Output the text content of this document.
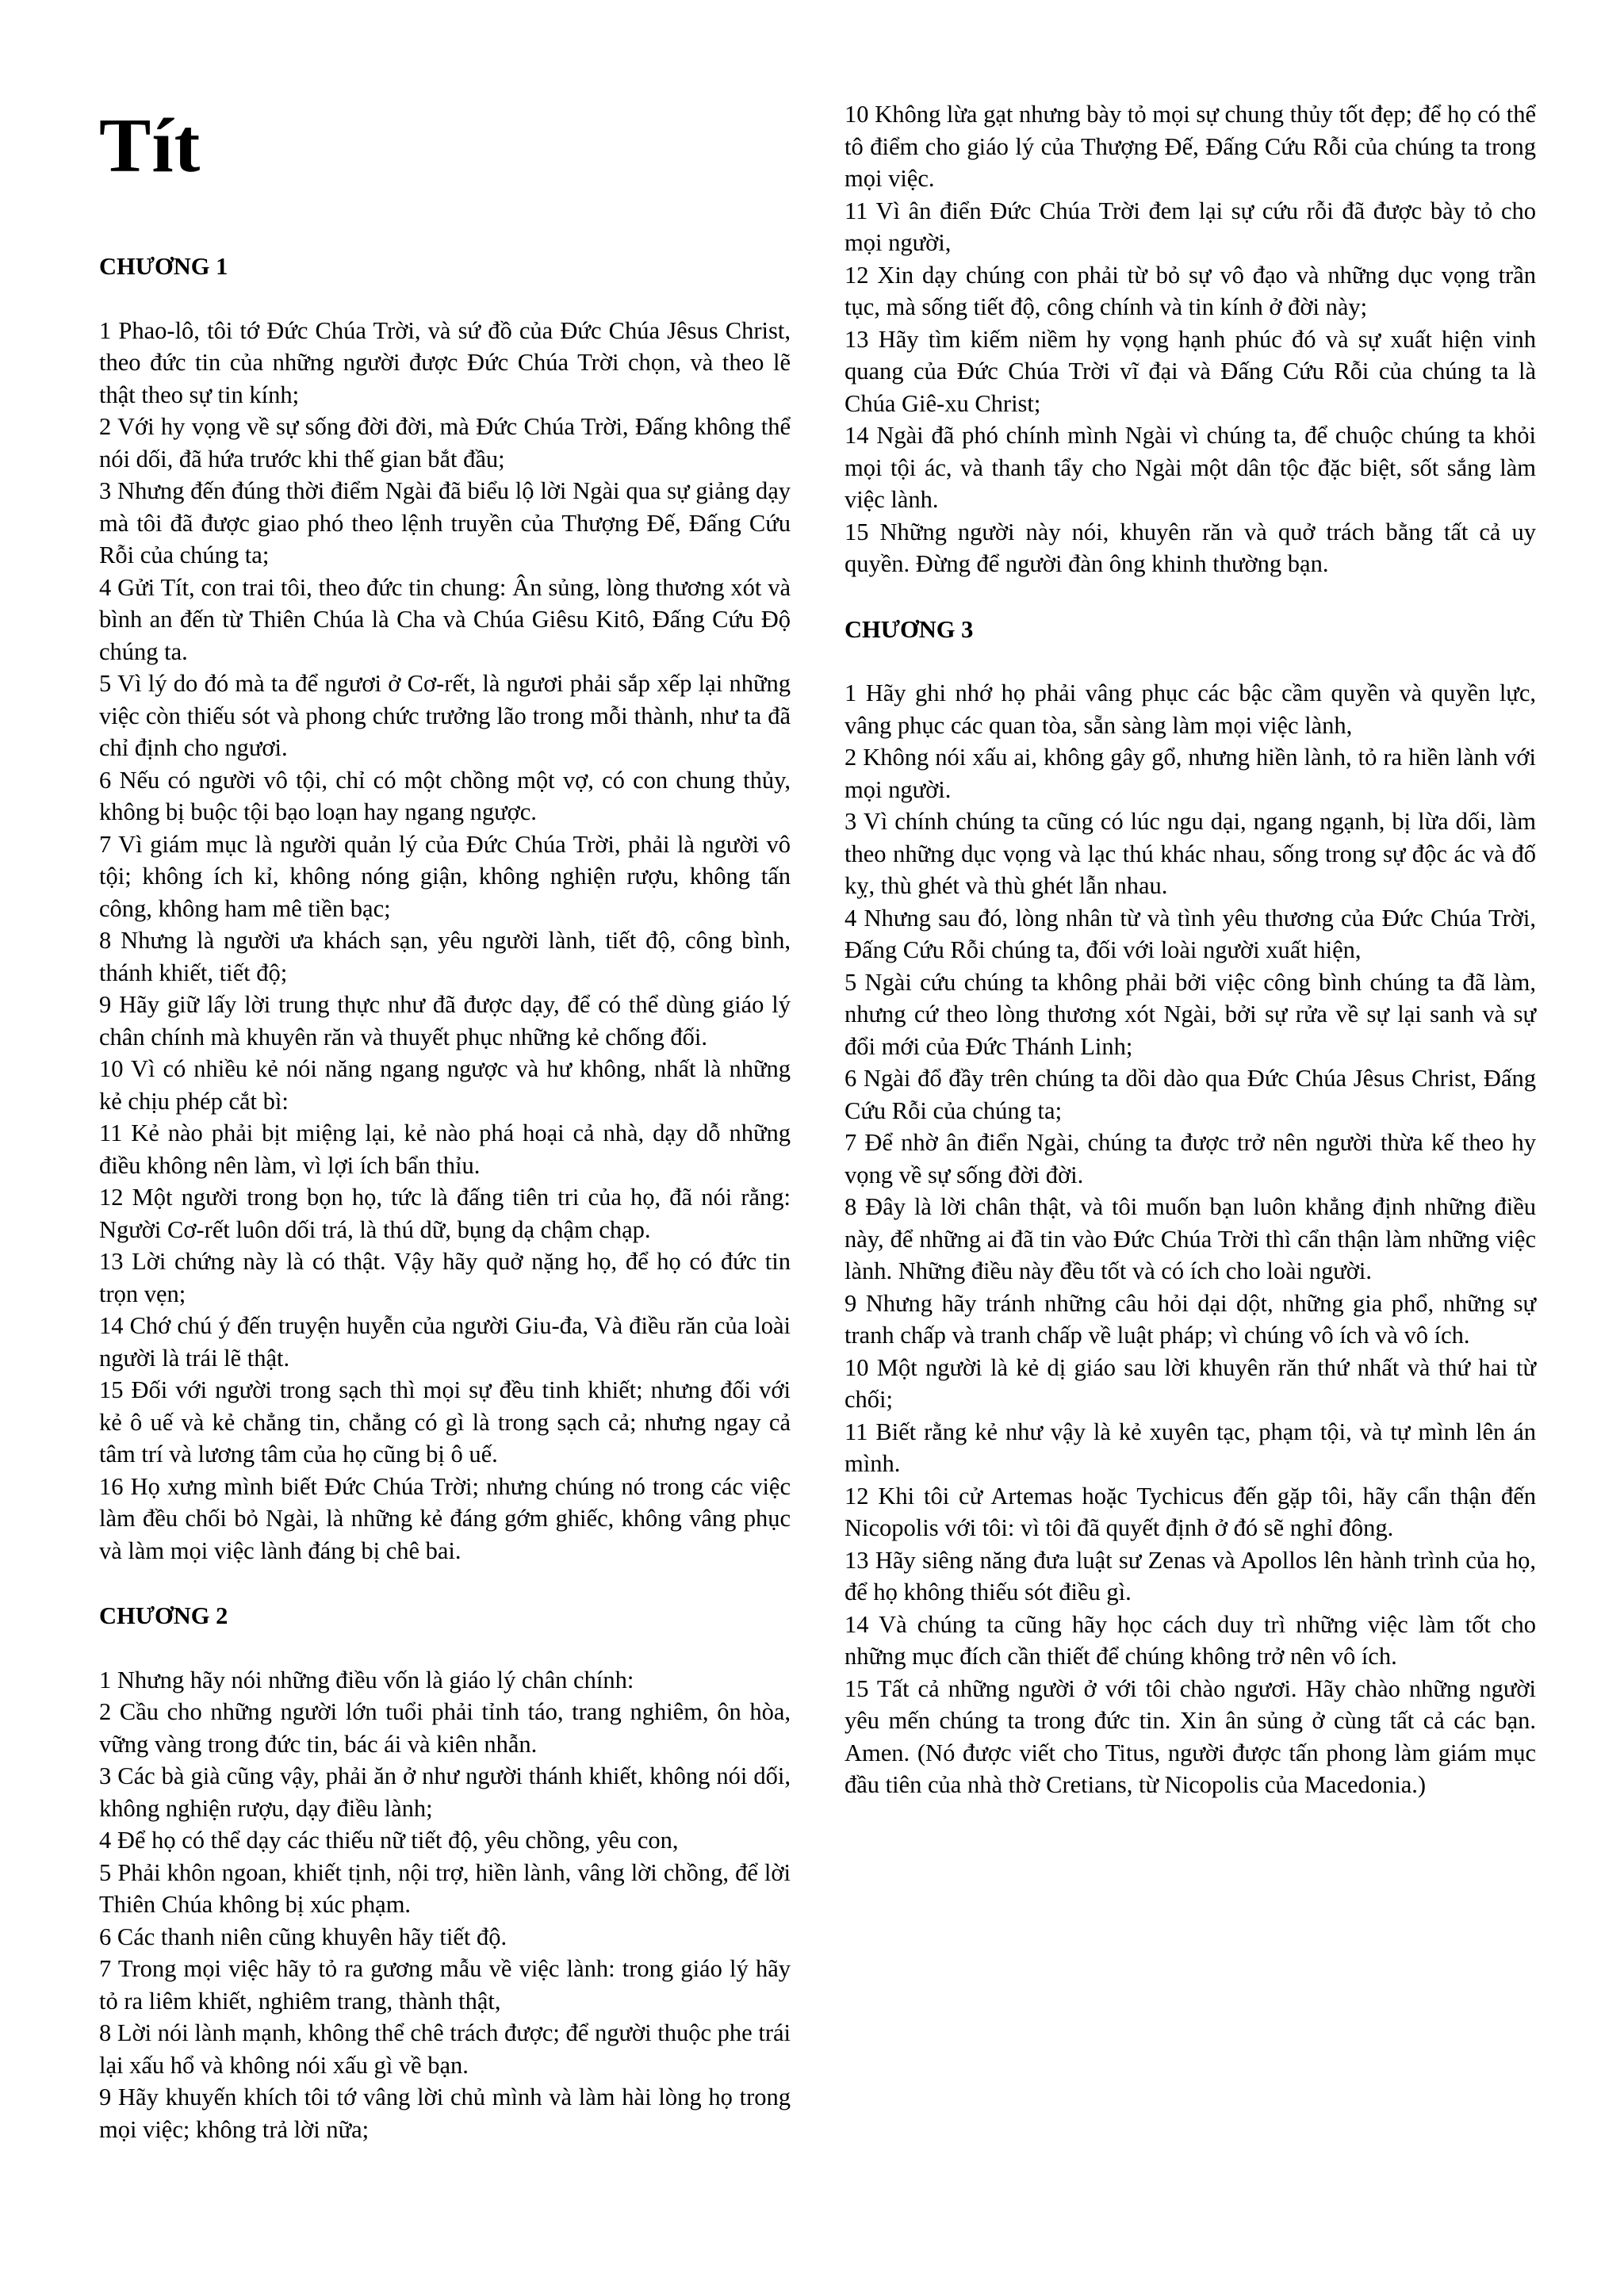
Tít
CHƯƠNG 1

1 Phao-lô, tôi tớ Đức Chúa Trời, và sứ đồ của Đức Chúa Jêsus Christ, theo đức tin của những người được Đức Chúa Trời chọn, và theo lẽ thật theo sự tin kính;

2 Với hy vọng về sự sống đời đời, mà Đức Chúa Trời, Đấng không thể nói dối, đã hứa trước khi thế gian bắt đầu;

3 Nhưng đến đúng thời điểm Ngài đã biểu lộ lời Ngài qua sự giảng dạy mà tôi đã được giao phó theo lệnh truyền của Thượng Đế, Đấng Cứu Rỗi của chúng ta;

4 Gửi Tít, con trai tôi, theo đức tin chung: Ân sủng, lòng thương xót và bình an đến từ Thiên Chúa là Cha và Chúa Giêsu Kitô, Đấng Cứu Độ chúng ta.

5 Vì lý do đó mà ta để ngươi ở Cơ-rết, là ngươi phải sắp xếp lại những việc còn thiếu sót và phong chức trưởng lão trong mỗi thành, như ta đã chỉ định cho ngươi.

6 Nếu có người vô tội, chỉ có một chồng một vợ, có con chung thủy, không bị buộc tội bạo loạn hay ngang ngược.

7 Vì giám mục là người quản lý của Đức Chúa Trời, phải là người vô tội; không ích kỉ, không nóng giận, không nghiện rượu, không tấn công, không ham mê tiền bạc;

8 Nhưng là người ưa khách sạn, yêu người lành, tiết độ, công bình, thánh khiết, tiết độ;

9 Hãy giữ lấy lời trung thực như đã được dạy, để có thể dùng giáo lý chân chính mà khuyên răn và thuyết phục những kẻ chống đối.

10 Vì có nhiều kẻ nói năng ngang ngược và hư không, nhất là những kẻ chịu phép cắt bì:

11 Kẻ nào phải bịt miệng lại, kẻ nào phá hoại cả nhà, dạy dỗ những điều không nên làm, vì lợi ích bẩn thỉu.

12 Một người trong bọn họ, tức là đấng tiên tri của họ, đã nói rằng: Người Cơ-rết luôn dối trá, là thú dữ, bụng dạ chậm chạp.

13 Lời chứng này là có thật. Vậy hãy quở nặng họ, để họ có đức tin trọn vẹn;

14 Chớ chú ý đến truyện huyễn của người Giu-đa, Và điều răn của loài người là trái lẽ thật.

15 Đối với người trong sạch thì mọi sự đều tinh khiết; nhưng đối với kẻ ô uế và kẻ chẳng tin, chẳng có gì là trong sạch cả; nhưng ngay cả tâm trí và lương tâm của họ cũng bị ô uế.

16 Họ xưng mình biết Đức Chúa Trời; nhưng chúng nó trong các việc làm đều chối bỏ Ngài, là những kẻ đáng gớm ghiếc, không vâng phục và làm mọi việc lành đáng bị chê bai.

CHƯƠNG 2

1 Nhưng hãy nói những điều vốn là giáo lý chân chính:

2 Cầu cho những người lớn tuổi phải tỉnh táo, trang nghiêm, ôn hòa, vững vàng trong đức tin, bác ái và kiên nhẫn.

3 Các bà già cũng vậy, phải ăn ở như người thánh khiết, không nói dối, không nghiện rượu, dạy điều lành;

4 Để họ có thể dạy các thiếu nữ tiết độ, yêu chồng, yêu con,

5 Phải khôn ngoan, khiết tịnh, nội trợ, hiền lành, vâng lời chồng, để lời Thiên Chúa không bị xúc phạm.

6 Các thanh niên cũng khuyên hãy tiết độ.

7 Trong mọi việc hãy tỏ ra gương mẫu về việc lành: trong giáo lý hãy tỏ ra liêm khiết, nghiêm trang, thành thật,

8 Lời nói lành mạnh, không thể chê trách được; để người thuộc phe trái lại xấu hổ và không nói xấu gì về bạn.

9 Hãy khuyến khích tôi tớ vâng lời chủ mình và làm hài lòng họ trong mọi việc; không trả lời nữa;

10 Không lừa gạt nhưng bày tỏ mọi sự chung thủy tốt đẹp; để họ có thể tô điểm cho giáo lý của Thượng Đế, Đấng Cứu Rỗi của chúng ta trong mọi việc.

11 Vì ân điển Đức Chúa Trời đem lại sự cứu rỗi đã được bày tỏ cho mọi người,

12 Xin dạy chúng con phải từ bỏ sự vô đạo và những dục vọng trần tục, mà sống tiết độ, công chính và tin kính ở đời này;

13 Hãy tìm kiếm niềm hy vọng hạnh phúc đó và sự xuất hiện vinh quang của Đức Chúa Trời vĩ đại và Đấng Cứu Rỗi của chúng ta là Chúa Giê-xu Christ;

14 Ngài đã phó chính mình Ngài vì chúng ta, để chuộc chúng ta khỏi mọi tội ác, và thanh tẩy cho Ngài một dân tộc đặc biệt, sốt sắng làm việc lành.

15 Những người này nói, khuyên răn và quở trách bằng tất cả uy quyền. Đừng để người đàn ông khinh thường bạn.

CHƯƠNG 3

1 Hãy ghi nhớ họ phải vâng phục các bậc cầm quyền và quyền lực, vâng phục các quan tòa, sẵn sàng làm mọi việc lành,

2 Không nói xấu ai, không gây gổ, nhưng hiền lành, tỏ ra hiền lành với mọi người.

3 Vì chính chúng ta cũng có lúc ngu dại, ngang ngạnh, bị lừa dối, làm theo những dục vọng và lạc thú khác nhau, sống trong sự độc ác và đố kỵ, thù ghét và thù ghét lẫn nhau.

4 Nhưng sau đó, lòng nhân từ và tình yêu thương của Đức Chúa Trời, Đấng Cứu Rỗi chúng ta, đối với loài người xuất hiện,

5 Ngài cứu chúng ta không phải bởi việc công bình chúng ta đã làm, nhưng cứ theo lòng thương xót Ngài, bởi sự rửa về sự lại sanh và sự đổi mới của Đức Thánh Linh;

6 Ngài đổ đầy trên chúng ta dồi dào qua Đức Chúa Jêsus Christ, Đấng Cứu Rỗi của chúng ta;

7 Để nhờ ân điển Ngài, chúng ta được trở nên người thừa kế theo hy vọng về sự sống đời đời.

8 Đây là lời chân thật, và tôi muốn bạn luôn khẳng định những điều này, để những ai đã tin vào Đức Chúa Trời thì cẩn thận làm những việc lành. Những điều này đều tốt và có ích cho loài người.

9 Nhưng hãy tránh những câu hỏi dại dột, những gia phổ, những sự tranh chấp và tranh chấp về luật pháp; vì chúng vô ích và vô ích.

10 Một người là kẻ dị giáo sau lời khuyên răn thứ nhất và thứ hai từ chối;

11 Biết rằng kẻ như vậy là kẻ xuyên tạc, phạm tội, và tự mình lên án mình.

12 Khi tôi cử Artemas hoặc Tychicus đến gặp tôi, hãy cẩn thận đến Nicopolis với tôi: vì tôi đã quyết định ở đó sẽ nghỉ đông.

13 Hãy siêng năng đưa luật sư Zenas và Apollos lên hành trình của họ, để họ không thiếu sót điều gì.

14 Và chúng ta cũng hãy học cách duy trì những việc làm tốt cho những mục đích cần thiết để chúng không trở nên vô ích.

15 Tất cả những người ở với tôi chào ngươi. Hãy chào những người yêu mến chúng ta trong đức tin. Xin ân sủng ở cùng tất cả các bạn. Amen. (Nó được viết cho Titus, người được tấn phong làm giám mục đầu tiên của nhà thờ Cretians, từ Nicopolis của Macedonia.)
